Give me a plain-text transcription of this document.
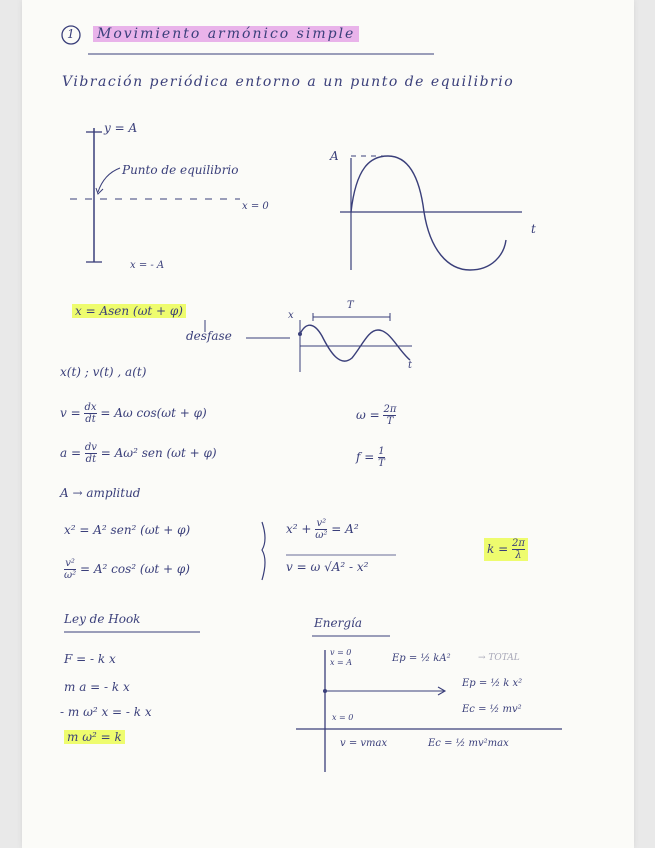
1 Movimiento armónico simple
Vibración periódica entorno a un punto de equilibrio
y = A
Punto de equilibrio
x = 0
x = - A
A
t
x = Asen (ωt + φ)
desfase
x
T
t
x(t) ; v(t) , a(t)
$v = \frac{dx}{dt} = A\omega$ cos(ωt + φ)
$a = \frac{dv}{dt} = A\omega^2$ sen (ωt + φ)
$\omega = \frac{2\pi}{T}$
$f = \frac{1}{T}$
A → amplitud
x² = A² sen² (ωt + φ)
$\frac{\text{v²}}{\text{ω²}} = A^2$ cos² (ωt + φ)
$x^2 + \frac{\text{v²}}{\text{ω²}} = A^2$
v = ω √A² - x²
$k = \frac{2\pi}{\lambda}$
Ley de Hook
F = - k x
m a = - k x
- m ω² x = - k x
m ω² = k
Energía
v = 0
x = A	Ep = ½ kA²	→ TOTAL
Ep = ½ k x²
Ec = ½ mv²
x = 0
v = vmax	Ec = ½ mv²max
